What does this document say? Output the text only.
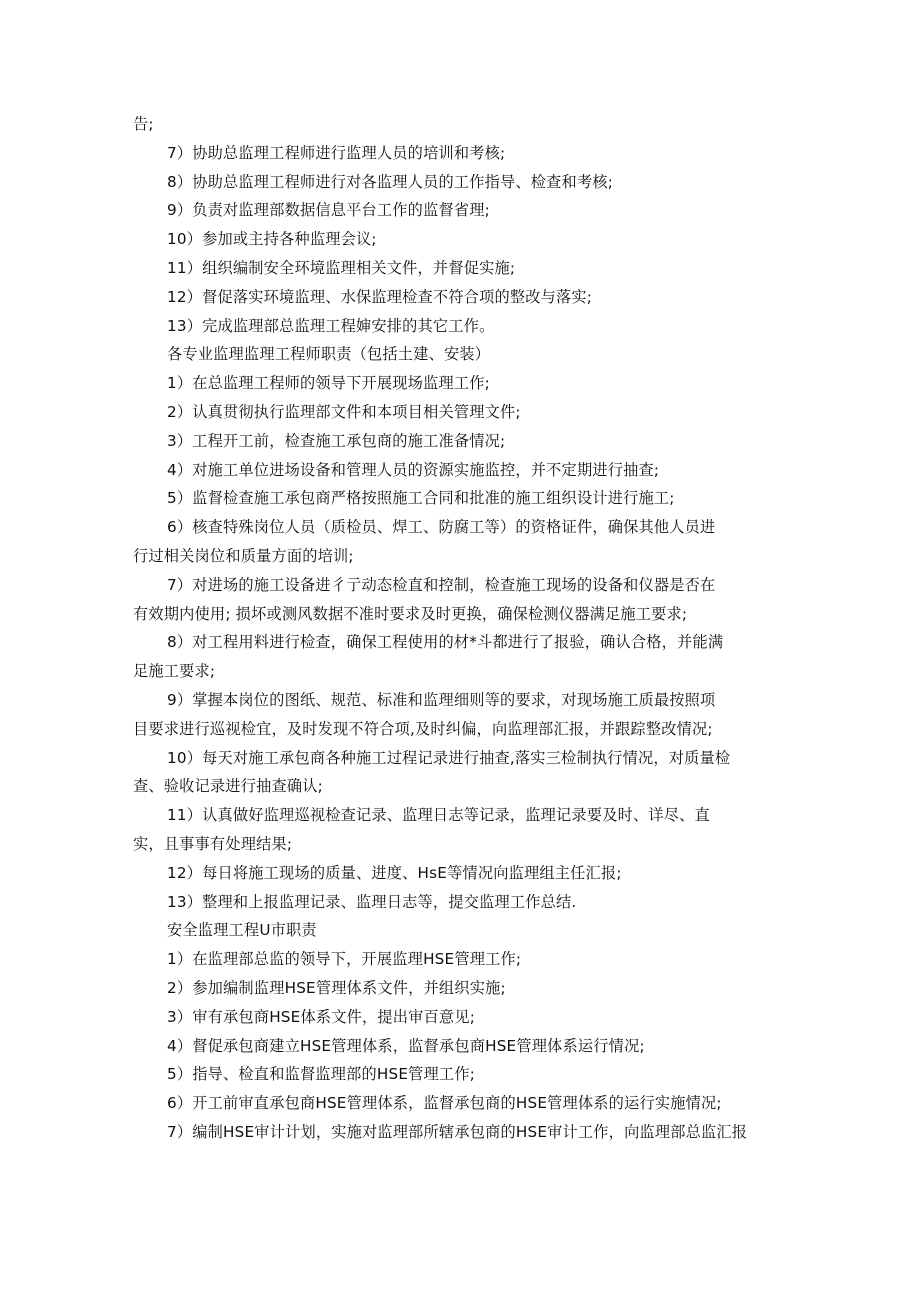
告;
7）协助总监理工程师进行监理人员的培训和考核;
8）协助总监理工程师进行对各监理人员的工作指导、检查和考核;
9）负责对监理部数据信息平台工作的监督省理;
10）参加或主持各种监理会议;
11）组织编制安全环境监理相关文件，并督促实施;
12）督促落实环境监理、水保监理检查不符合项的整改与落实;
13）完成监理部总监理工程婶安排的其它工作。
各专业监理监理工程师职责（包括土建、安装）
1）在总监理工程师的领导下开展现场监理工作;
2）认真贯彻执行监理部文件和本项目相关管理文件;
3）工程开工前，检查施工承包商的施工准备情况;
4）对施工单位进场设备和管理人员的资源实施监控，并不定期进行抽查;
5）监督检查施工承包商严格按照施工合同和批准的施工组织设计进行施工;
6）核查特殊岗位人员（质检员、焊工、防腐工等）的资格证件，确保其他人员进
行过相关岗位和质量方面的培训;
7）对进场的施工设备进彳亍动态检直和控制，检查施工现场的设备和仪器是否在
有效期内使用; 损坏或测风数据不准时要求及时更换，确保检测仪器满足施工要求;
8）对工程用料进行检查，确保工程使用的材*斗都进行了报验，确认合格，并能满
足施工要求;
9）掌握本岗位的图纸、规范、标准和监理细则等的要求，对现场施工质最按照项
目要求进行巡视检宜，及时发现不符合项,及时纠偏，向监理部汇报，并跟踪整改情况;
10）每天对施工承包商各种施工过程记录进行抽查,落实三检制执行情况，对质量检
查、验收记录进行抽查确认;
11）认真做好监理巡视检查记录、监理日志等记录，监理记录要及时、详尽、直
实，且事事有处理结果;
12）每日将施工现场的质量、进度、HsE等情况向监理组主任汇报;
13）整理和上报监理记录、监理日志等，提交监理工作总结.
安全监理工程U市职责
1）在监理部总监的领导下，开展监理HSE管理工作;
2）参加编制监理HSE管理体系文件，并组织实施;
3）审有承包商HSE体系文件，提出审百意见;
4）督促承包商建立HSE管理体系，监督承包商HSE管理体系运行情况;
5）指导、检直和监督监理部的HSE管理工作;
6）开工前审直承包商HSE管理体系，监督承包商的HSE管理体系的运行实施情况;
7）编制HSE审计计划，实施对监理部所辖承包商的HSE审计工作，向监理部总监汇报
